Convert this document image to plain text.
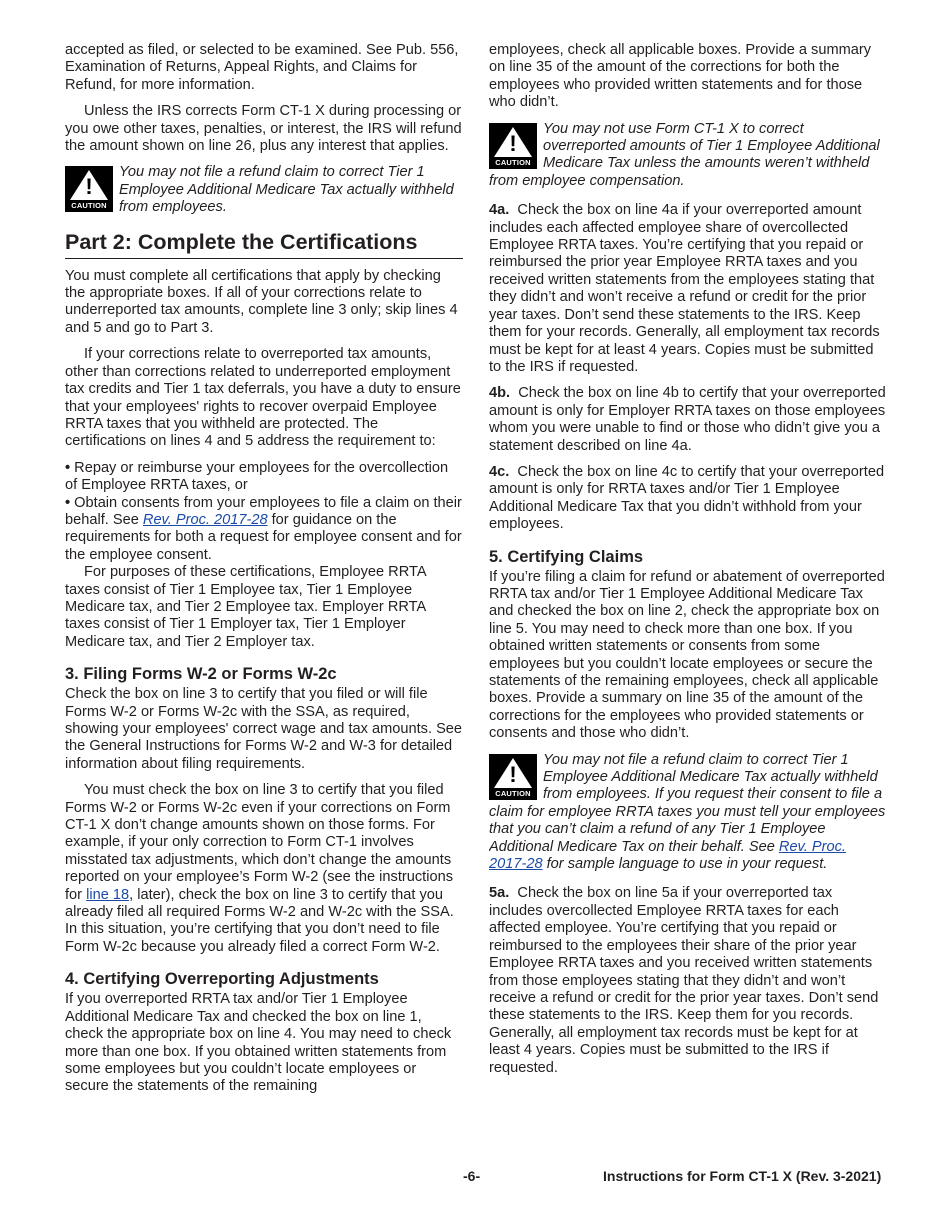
accepted as filed, or selected to be examined. See Pub. 556, Examination of Returns, Appeal Rights, and Claims for Refund, for more information.

Unless the IRS corrects Form CT-1 X during processing or you owe other taxes, penalties, or interest, the IRS will refund the amount shown on line 26, plus any interest that applies.

!
CAUTION
You may not file a refund claim to correct Tier 1 Employee Additional Medicare Tax actually withheld from employees.
Part 2: Complete the Certifications

You must complete all certifications that apply by checking the appropriate boxes. If all of your corrections relate to underreported tax amounts, complete line 3 only; skip lines 4 and 5 and go to Part 3.

If your corrections relate to overreported tax amounts, other than corrections related to underreported employment tax credits and Tier 1 tax deferrals, you have a duty to ensure that your employees' rights to recover overpaid Employee RRTA taxes that you withheld are protected. The certifications on lines 4 and 5 address the requirement to:

• Repay or reimburse your employees for the overcollection of Employee RRTA taxes, or

• Obtain consents from your employees to file a claim on their behalf. See Rev. Proc. 2017-28 for guidance on the requirements for both a request for employee consent and for the employee consent.

For purposes of these certifications, Employee RRTA taxes consist of Tier 1 Employee tax, Tier 1 Employee Medicare tax, and Tier 2 Employee tax. Employer RRTA taxes consist of Tier 1 Employer tax, Tier 1 Employer Medicare tax, and Tier 2 Employer tax.

3. Filing Forms W-2 or Forms W-2c

Check the box on line 3 to certify that you filed or will file Forms W-2 or Forms W-2c with the SSA, as required, showing your employees' correct wage and tax amounts. See the General Instructions for Forms W-2 and W-3 for detailed information about filing requirements.

You must check the box on line 3 to certify that you filed Forms W-2 or Forms W-2c even if your corrections on Form CT-1 X don’t change amounts shown on those forms. For example, if your only correction to Form CT-1 involves misstated tax adjustments, which don’t change the amounts reported on your employee’s Form W-2 (see the instructions for line 18, later), check the box on line 3 to certify that you already filed all required Forms W-2 and W-2c with the SSA. In this situation, you’re certifying that you don’t need to file Form W-2c because you already filed a correct Form W-2.

4. Certifying Overreporting Adjustments

If you overreported RRTA tax and/or Tier 1 Employee Additional Medicare Tax and checked the box on line 1, check the appropriate box on line 4. You may need to check more than one box. If you obtained written statements from some employees but you couldn’t locate employees or secure the statements of the remaining

employees, check all applicable boxes. Provide a summary on line 35 of the amount of the corrections for both the employees who provided written statements and for those who didn’t.

!
CAUTION
You may not use Form CT-1 X to correct overreported amounts of Tier 1 Employee Additional Medicare Tax unless the amounts weren’t withheld from employee compensation.

4a. Check the box on line 4a if your overreported amount includes each affected employee share of overcollected Employee RRTA taxes. You’re certifying that you repaid or reimbursed the prior year Employee RRTA taxes and you received written statements from the employees stating that they didn’t and won’t receive a refund or credit for the prior year taxes. Don’t send these statements to the IRS. Keep them for your records. Generally, all employment tax records must be kept for at least 4 years. Copies must be submitted to the IRS if requested.

4b. Check the box on line 4b to certify that your overreported amount is only for Employer RRTA taxes on those employees whom you were unable to find or those who didn’t give you a statement described on line 4a.

4c. Check the box on line 4c to certify that your overreported amount is only for RRTA taxes and/or Tier 1 Employee Additional Medicare Tax that you didn’t withhold from your employees.

5. Certifying Claims

If you’re filing a claim for refund or abatement of overreported RRTA tax and/or Tier 1 Employee Additional Medicare Tax and checked the box on line 2, check the appropriate box on line 5. You may need to check more than one box. If you obtained written statements or consents from some employees but you couldn’t locate employees or secure the statements of the remaining employees, check all applicable boxes. Provide a summary on line 35 of the amount of the corrections for the employees who provided statements or consents and those who didn’t.

!
CAUTION
You may not file a refund claim to correct Tier 1 Employee Additional Medicare Tax actually withheld from employees. If you request their consent to file a claim for employee RRTA taxes you must tell your employees that you can’t claim a refund of any Tier 1 Employee Additional Medicare Tax on their behalf. See Rev. Proc. 2017-28 for sample language to use in your request.

5a. Check the box on line 5a if your overreported tax includes overcollected Employee RRTA taxes for each affected employee. You’re certifying that you repaid or reimbursed to the employees their share of the prior year Employee RRTA taxes and you received written statements from those employees stating that they didn’t and won’t receive a refund or credit for the prior year taxes. Don’t send these statements to the IRS. Keep them for you records. Generally, all employment tax records must be kept for at least 4 years. Copies must be submitted to the IRS if requested.

-6-	Instructions for Form CT-1 X (Rev. 3-2021)
